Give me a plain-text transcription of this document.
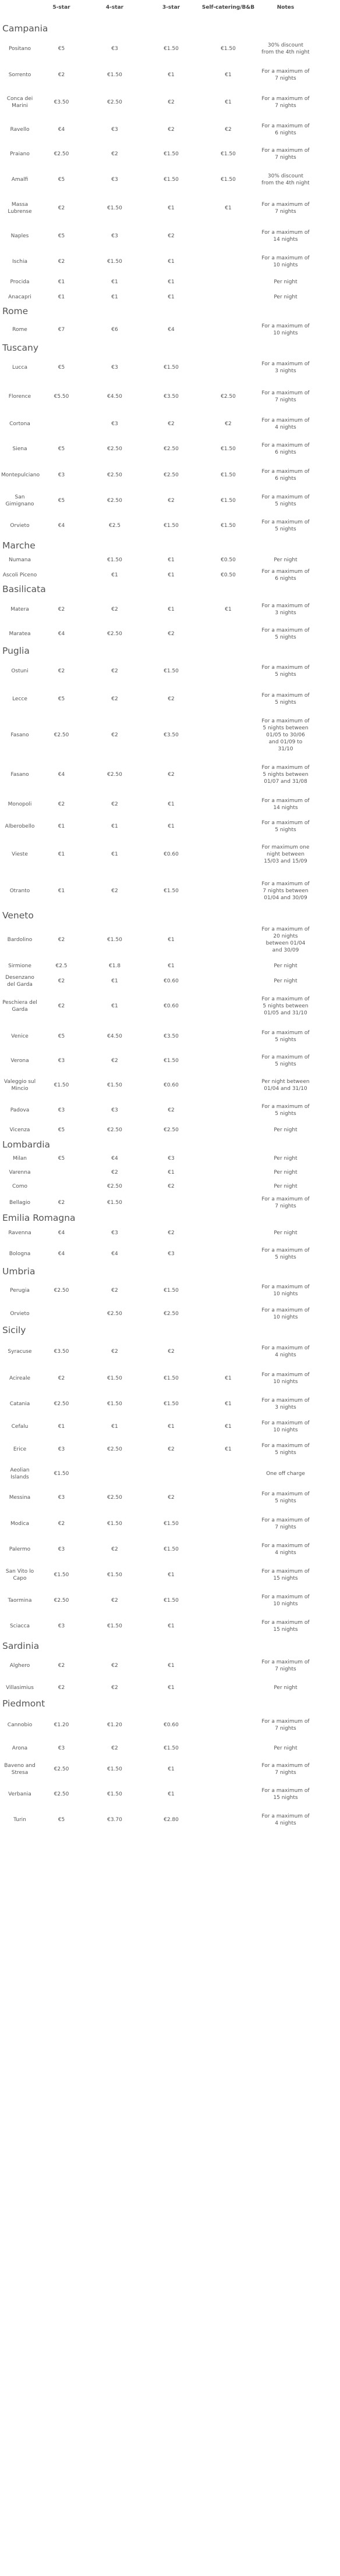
	5-star	4-star	3-star	Self-catering/B&B	Notes
Campania					
Positano	€5	€3	€1.50	€1.50	30% discount from the 4th night
Sorrento	€2	€1.50	€1	€1	For a maximum of 7 nights
Conca dei Marini	€3.50	€2.50	€2	€1	For a maximum of 7 nights
Ravello	€4	€3	€2	€2	For a maximum of 6 nights
Praiano	€2.50	€2	€1.50	€1.50	For a maximum of 7 nights
Amalfi	€5	€3	€1.50	€1.50	30% discount from the 4th night
Massa Lubrense	€2	€1.50	€1	€1	For a maximum of 7 nights
Naples	€5	€3	€2		For a maximum of 14 nights
Ischia	€2	€1.50	€1		For a maximum of 10 nights
Procida	€1	€1	€1		Per night
Anacapri	€1	€1	€1		Per night
Rome					
Rome	€7	€6	€4		For a maximum of 10 nights
Tuscany					
Lucca	€5	€3	€1.50		For a maximum of 3 nights
Florence	€5.50	€4.50	€3.50	€2.50	For a maximum of 7 nights
Cortona		€3	€2	€2	For a maximum of 4 nights
Siena	€5	€2.50	€2.50	€1.50	For a maximum of 6 nights
Montepulciano	€3	€2.50	€2.50	€1.50	For a maximum of 6 nights
San Gimignano	€5	€2.50	€2	€1.50	For a maximum of 5 nights
Orvieto	€4	€2.5	€1.50	€1.50	For a maximum of 5 nights
Marche					
Numana		€1.50	€1	€0.50	Per night
Ascoli Piceno		€1	€1	€0.50	For a maximum of 6 nights
Basilicata					
Matera	€2	€2	€1	€1	For a maximum of 3 nights
Maratea	€4	€2.50	€2		For a maximum of 5 nights
Puglia					
Ostuni	€2	€2	€1.50		For a maximum of 5 nights
Lecce	€5	€2	€2		For a maximum of 5 nights
Fasano	€2.50	€2	€3.50		For a maximum of 5 nights between 01/05 to 30/06 and 01/09 to 31/10
Fasano	€4	€2.50	€2		For a maximum of 5 nights between 01/07 and 31/08
Monopoli	€2	€2	€1		For a maximum of 14 nights
Alberobello	€1	€1	€1		For a maximum of 5 nights
Vieste	€1	€1	€0.60		For maximum one night between 15/03 and 15/09
Otranto	€1	€2	€1.50		For a maximum of 7 nights between 01/04 and 30/09
Veneto					
Bardolino	€2	€1.50	€1		For a maximum of 20 nights between 01/04 and 30/09
Sirmione	€2.5	€1.8	€1		Per night
Desenzano del Garda	€2	€1	€0.60		Per night
Peschiera del Garda	€2	€1	€0.60		For a maximum of 5 nights between 01/05 and 31/10
Venice	€5	€4.50	€3.50		For a maximum of 5 nights
Verona	€3	€2	€1.50		For a maximum of 5 nights
Valeggio sul Mincio	€1.50	€1.50	€0.60		Per night between 01/04 and 31/10
Padova	€3	€3	€2		For a maximum of 5 nights
Vicenza	€5	€2.50	€2.50		Per night
Lombardia					
Milan	€5	€4	€3		Per night
Varenna		€2	€1		Per night
Como		€2.50	€2		Per night
Bellagio	€2	€1.50			For a maximum of 7 nights
Emilia Romagna					
Ravenna	€4	€3	€2		Per night
Bologna	€4	€4	€3		For a maximum of 5 nights
Umbria					
Perugia	€2.50	€2	€1.50		For a maximum of 10 nights
Orvieto		€2.50	€2.50		For a maximum of 10 nights
Sicily					
Syracuse	€3.50	€2	€2		For a maximum of 4 nights
Acireale	€2	€1.50	€1.50	€1	For a maximum of 10 nights
Catania	€2.50	€1.50	€1.50	€1	For a maximum of 3 nights
Cefalu	€1	€1	€1	€1	For a maximum of 10 nights
Erice	€3	€2.50	€2	€1	For a maximum of 5 nights
Aeolian Islands	€1.50				One off charge
Messina	€3	€2.50	€2		For a maximum of 5 nights
Modica	€2	€1.50	€1.50		For a maximum of 7 nights
Palermo	€3	€2	€1.50		For a maximum of 4 nights
San Vito lo Capo	€1.50	€1.50	€1		For a maximum of 15 nights
Taormina	€2.50	€2	€1.50		For a maximum of 10 nights
Sciacca	€3	€1.50	€1		For a maximum of 15 nights
Sardinia					
Alghero	€2	€2	€1		For a maximum of 7 nights
Villasimius	€2	€2	€1		Per night
Piedmont					
Cannobio	€1.20	€1.20	€0.60		For a maximum of 7 nights
Arona	€3	€2	€1.50		Per night
Baveno and Stresa	€2.50	€1.50	€1		For a maximum of 7 nights
Verbania	€2.50	€1.50	€1		For a maximum of 15 nights
Turin	€5	€3.70	€2.80		For a maximum of 4 nights
